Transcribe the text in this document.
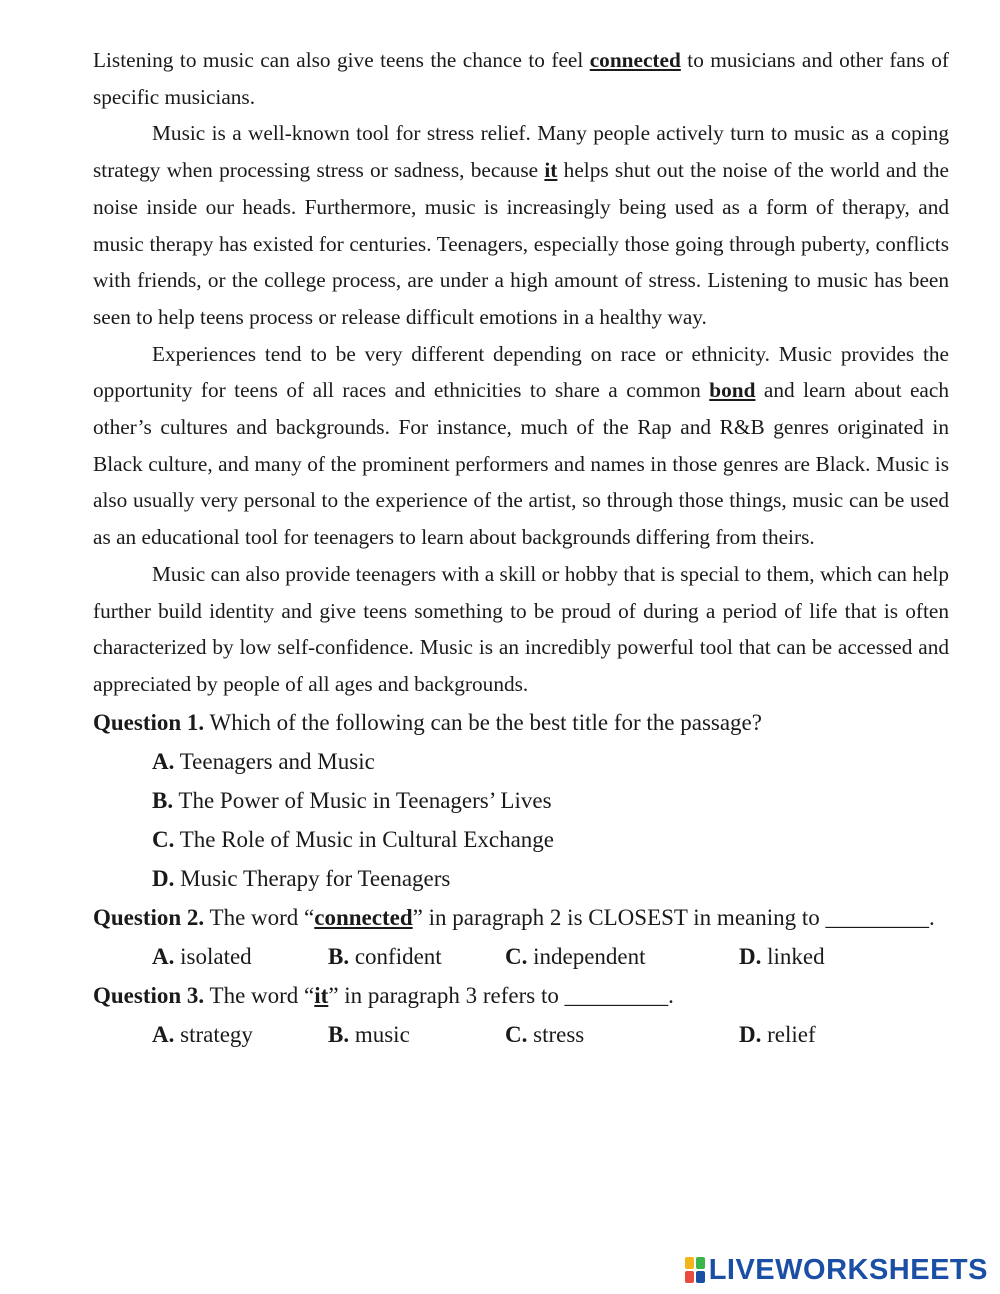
Listening to music can also give teens the chance to feel connected to musicians and other fans of specific musicians.

Music is a well-known tool for stress relief. Many people actively turn to music as a coping strategy when processing stress or sadness, because it helps shut out the noise of the world and the noise inside our heads. Furthermore, music is increasingly being used as a form of therapy, and music therapy has existed for centuries. Teenagers, especially those going through puberty, conflicts with friends, or the college process, are under a high amount of stress. Listening to music has been seen to help teens process or release difficult emotions in a healthy way.

Experiences tend to be very different depending on race or ethnicity. Music provides the opportunity for teens of all races and ethnicities to share a common bond and learn about each other’s cultures and backgrounds. For instance, much of the Rap and R&B genres originated in Black culture, and many of the prominent performers and names in those genres are Black. Music is also usually very personal to the experience of the artist, so through those things, music can be used as an educational tool for teenagers to learn about backgrounds differing from theirs.

Music can also provide teenagers with a skill or hobby that is special to them, which can help further build identity and give teens something to be proud of during a period of life that is often characterized by low self-confidence. Music is an incredibly powerful tool that can be accessed and appreciated by people of all ages and backgrounds.

Question 1. Which of the following can be the best title for the passage?

A. Teenagers and Music

B. The Power of Music in Teenagers’ Lives

C. The Role of Music in Cultural Exchange

D. Music Therapy for Teenagers

Question 2. The word “connected” in paragraph 2 is CLOSEST in meaning to _________.

A. isolated	B. confident	C. independent	D. linked

Question 3. The word “it” in paragraph 3 refers to _________.

A. strategy	B. music	C. stress	D. relief
LIVEWORKSHEETS
